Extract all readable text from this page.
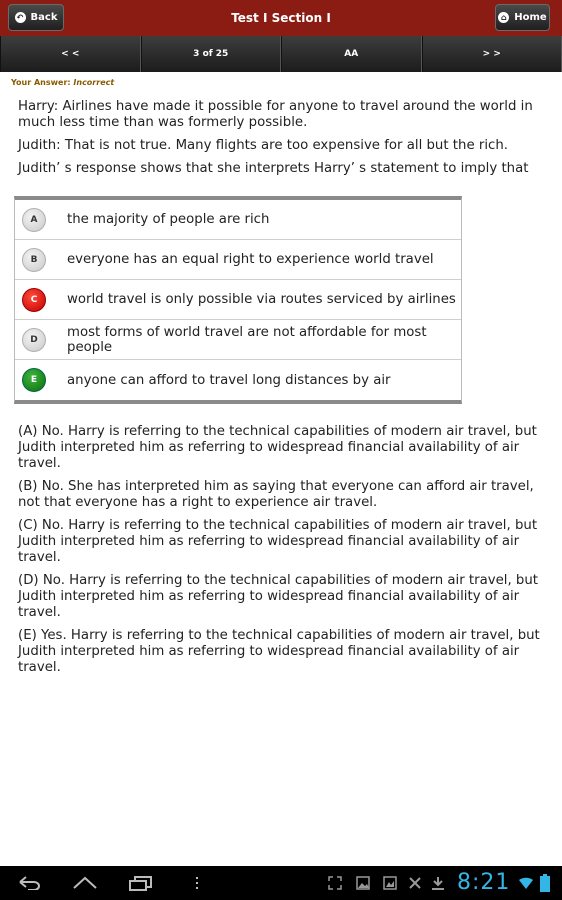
↶ Back	Test I Section I	⌂ Home
< <	3 of 25	AA	> >
Your Answer: Incorrect

Harry: Airlines have made it possible for anyone to travel around the world in much less time than was formerly possible.

Judith: That is not true. Many flights are too expensive for all but the rich.

Judith’ s response shows that she interprets Harry’ s statement to imply that

A	the majority of people are rich
B	everyone has an equal right to experience world travel
C	world travel is only possible via routes serviced by airlines
D	most forms of world travel are not affordable for most people
E	anyone can afford to travel long distances by air

(A) No. Harry is referring to the technical capabilities of modern air travel, but Judith interpreted him as referring to widespread financial availability of air travel.

(B) No. She has interpreted him as saying that everyone can afford air travel, not that everyone has a right to experience air travel.

(C) No. Harry is referring to the technical capabilities of modern air travel, but Judith interpreted him as referring to widespread financial availability of air travel.

(D) No. Harry is referring to the technical capabilities of modern air travel, but Judith interpreted him as referring to widespread financial availability of air travel.

(E) Yes. Harry is referring to the technical capabilities of modern air travel, but Judith interpreted him as referring to widespread financial availability of air travel.

8:21
